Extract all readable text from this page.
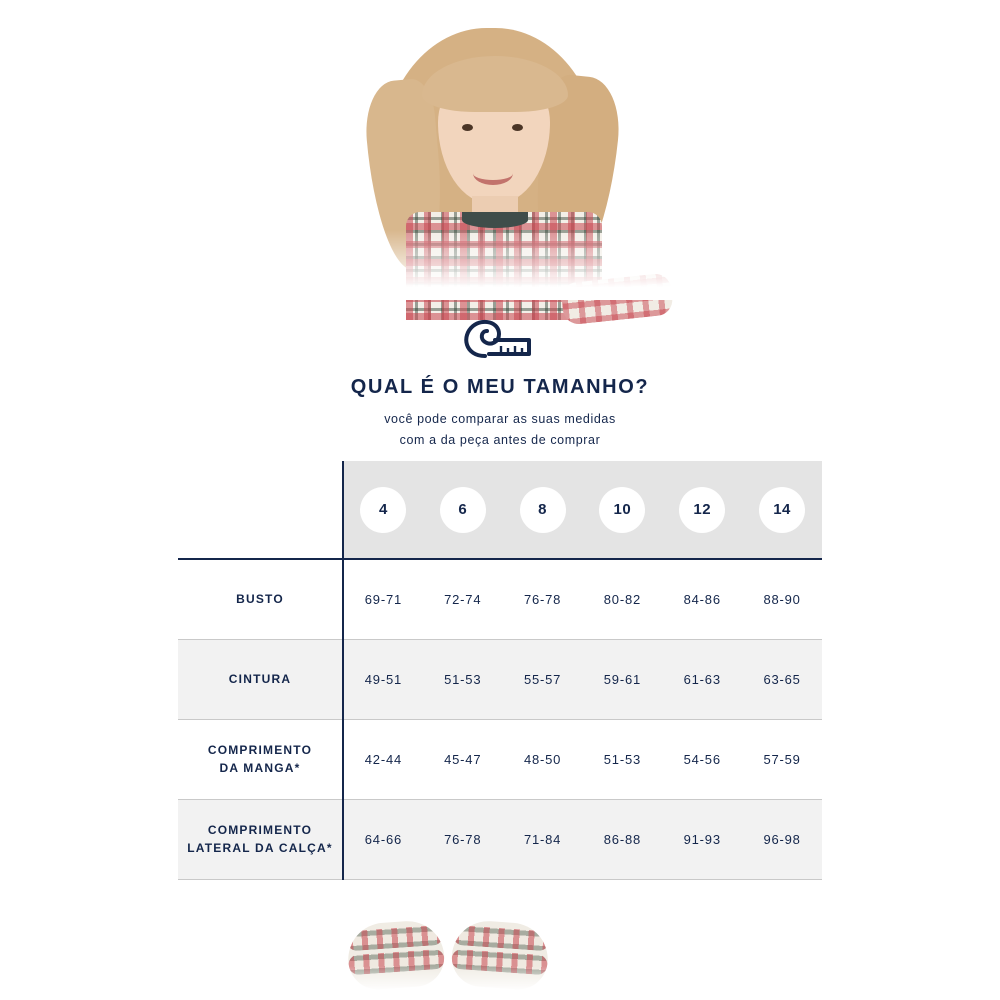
QUAL É O MEU TAMANHO?
você pode comparar as suas medidas
com a da peça antes de comprar
	4	6	8	10	12	14
BUSTO	69-71	72-74	76-78	80-82	84-86	88-90
CINTURA	49-51	51-53	55-57	59-61	61-63	63-65
COMPRIMENTO
DA MANGA*	42-44	45-47	48-50	51-53	54-56	57-59
COMPRIMENTO
LATERAL DA CALÇA*	64-66	76-78	71-84	86-88	91-93	96-98
